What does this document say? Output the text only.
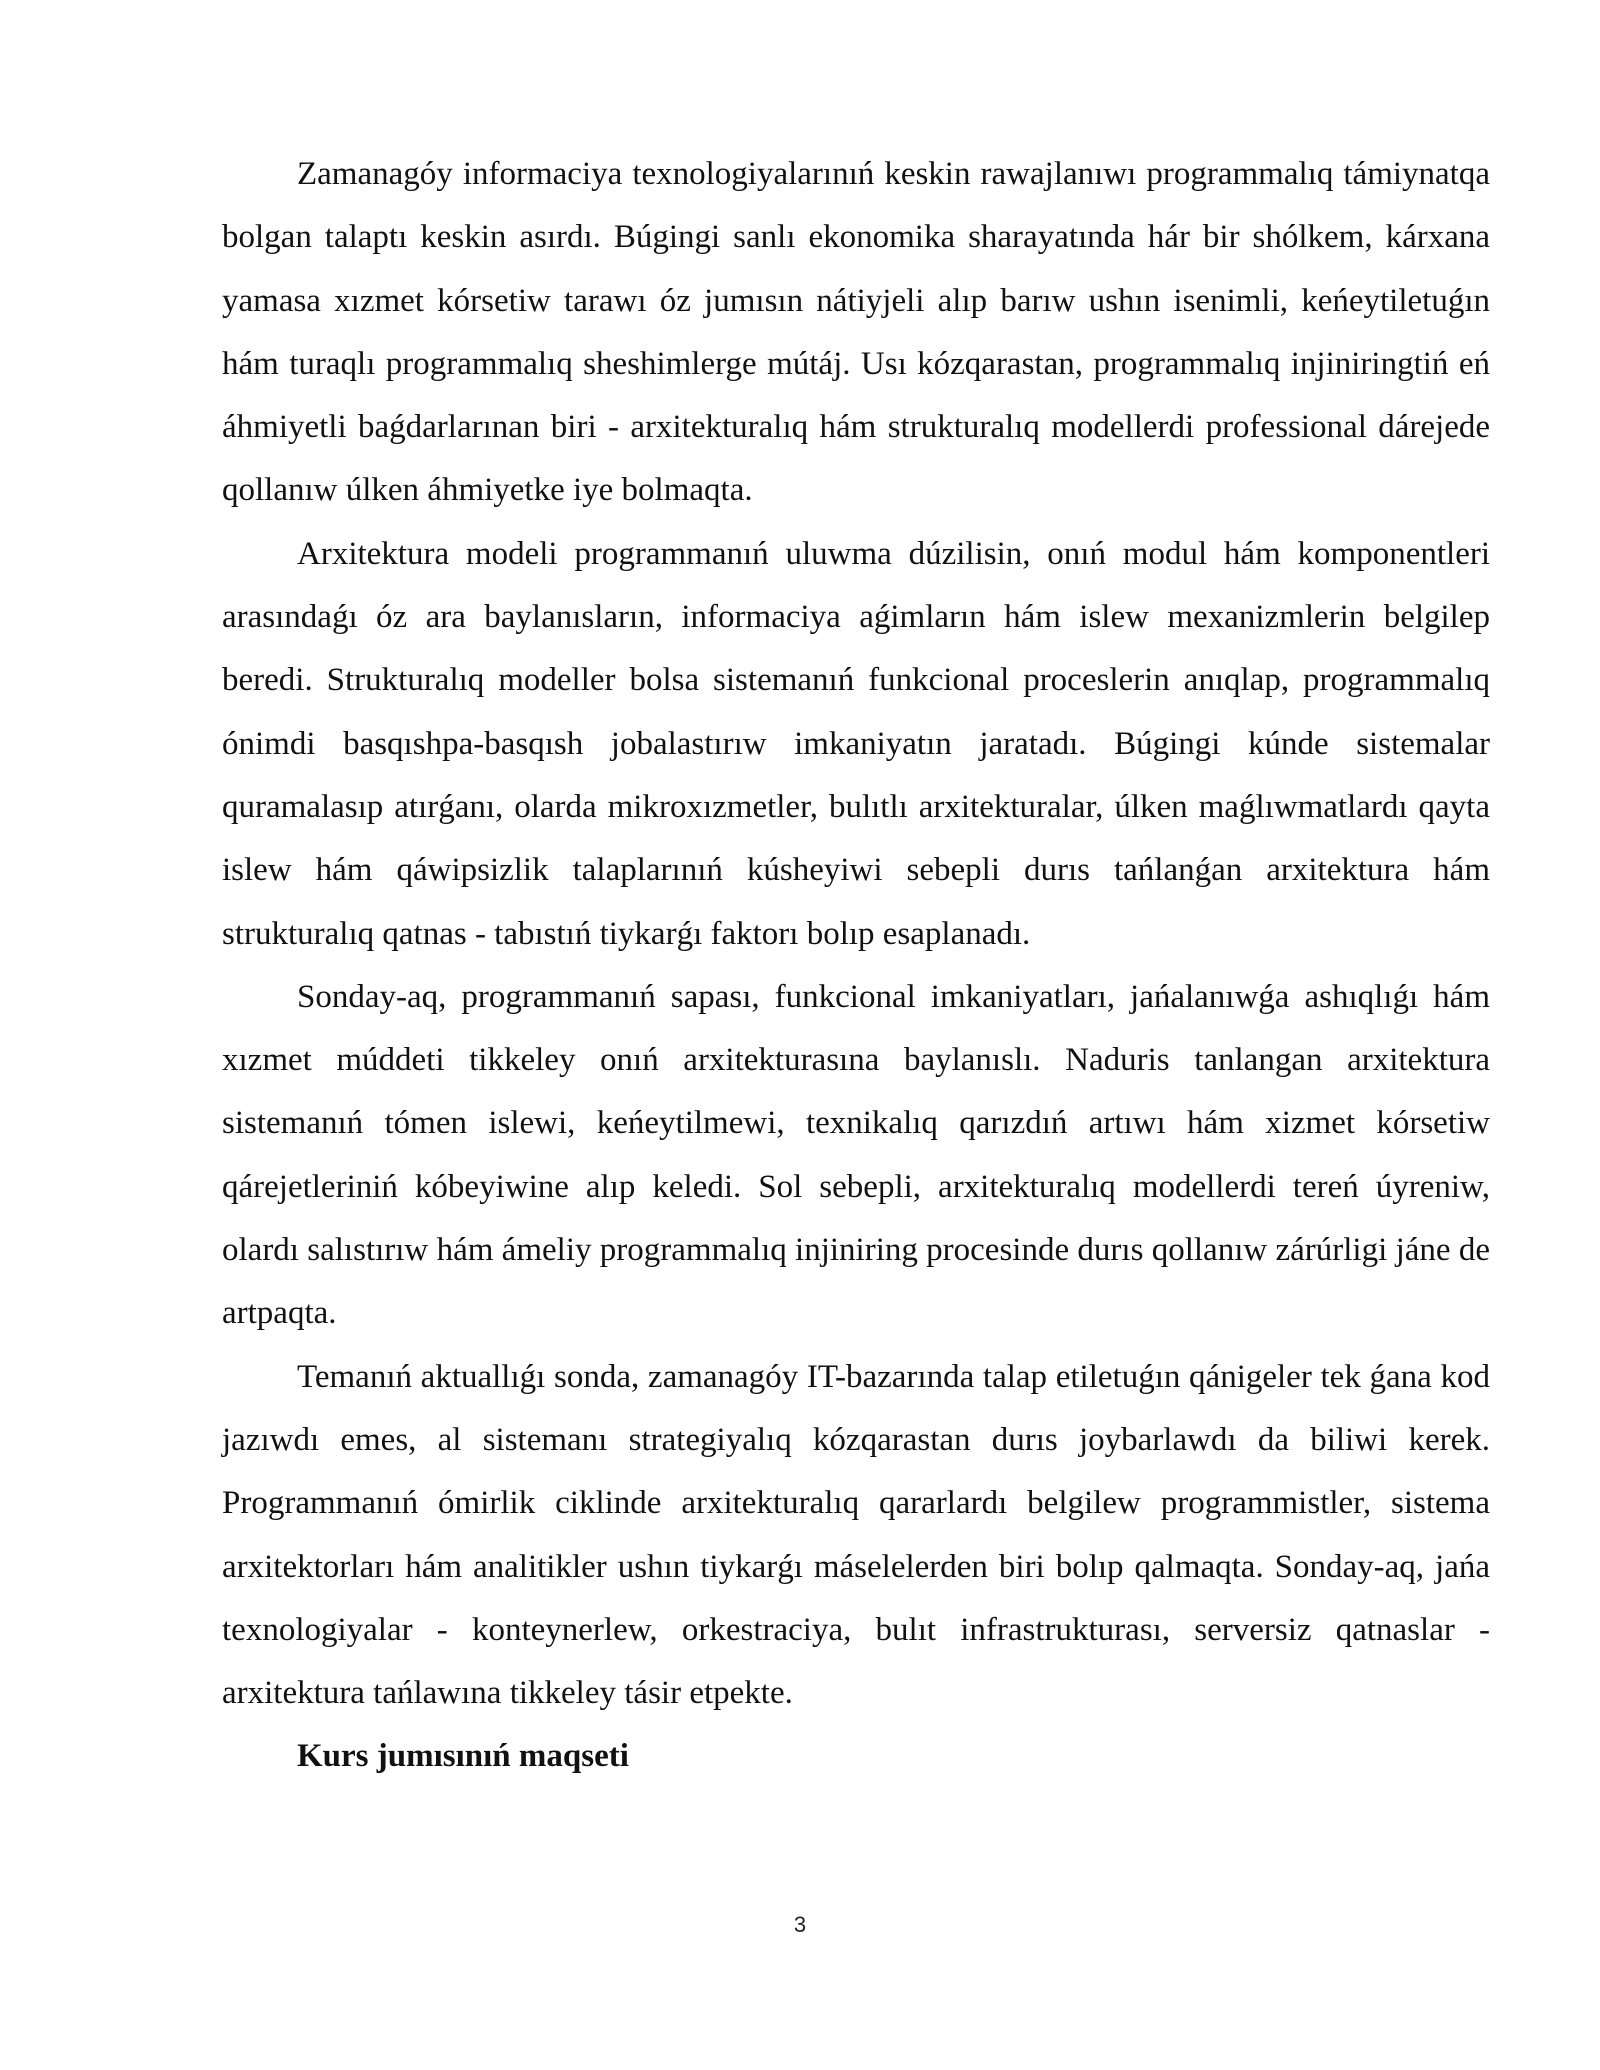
Zamanagóy informaciya texnologiyalarınıń keskin rawajlanıwı programmalıq támiynatqa bolgan talaptı keskin asırdı. Búgingi sanlı ekonomika sharayatında hár bir shólkem, kárxana yamasa xızmet kórsetiw tarawı óz jumısın nátiyjeli alıp barıw ushın isenimli, keńeytiletuǵın hám turaqlı programmalıq sheshimlerge mútáj. Usı kózqarastan, programmalıq injiniringtiń eń áhmiyetli baǵdarlarınan biri - arxitekturalıq hám strukturalıq modellerdi professional dárejede qollanıw úlken áhmiyetke iye bolmaqta.

Arxitektura modeli programmanıń uluwma dúzilisin, onıń modul hám komponentleri arasındaǵı óz ara baylanısların, informaciya aǵimların hám islew mexanizmlerin belgilep beredi. Strukturalıq modeller bolsa sistemanıń funkcional proceslerin anıqlap, programmalıq ónimdi basqıshpa-basqısh jobalastırıw imkaniyatın jaratadı. Búgingi kúnde sistemalar quramalasıp atırǵanı, olarda mikroxızmetler, bulıtlı arxitekturalar, úlken maǵlıwmatlardı qayta islew hám qáwipsizlik talaplarınıń kúsheyiwi sebepli durıs tańlanǵan arxitektura hám strukturalıq qatnas - tabıstıń tiykarǵı faktorı bolıp esaplanadı.

Sonday-aq, programmanıń sapası, funkcional imkaniyatları, jańalanıwǵa ashıqlıǵı hám xızmet múddeti tikkeley onıń arxitekturasına baylanıslı. Naduris tanlangan arxitektura sistemanıń tómen islewi, keńeytilmewi, texnikalıq qarızdıń artıwı hám xizmet kórsetiw qárejetleriniń kóbeyiwine alıp keledi. Sol sebepli, arxitekturalıq modellerdi tereń úyreniw, olardı salıstırıw hám ámeliy programmalıq injiniring procesinde durıs qollanıw zárúrligi jáne de artpaqta.

Temanıń aktuallıǵı sonda, zamanagóy IT-bazarında talap etiletuǵın qánigeler tek ǵana kod jazıwdı emes, al sistemanı strategiyalıq kózqarastan durıs joybarlawdı da biliwi kerek. Programmanıń ómirlik ciklinde arxitekturalıq qararlardı belgilew programmistler, sistema arxitektorları hám analitikler ushın tiykarǵı máselelerden biri bolıp qalmaqta. Sonday-aq, jańa texnologiyalar - konteynerlew, orkestraciya, bulıt infrastrukturası, serversiz qatnaslar - arxitektura tańlawına tikkeley tásir etpekte.

Kurs jumısınıń maqseti

3
